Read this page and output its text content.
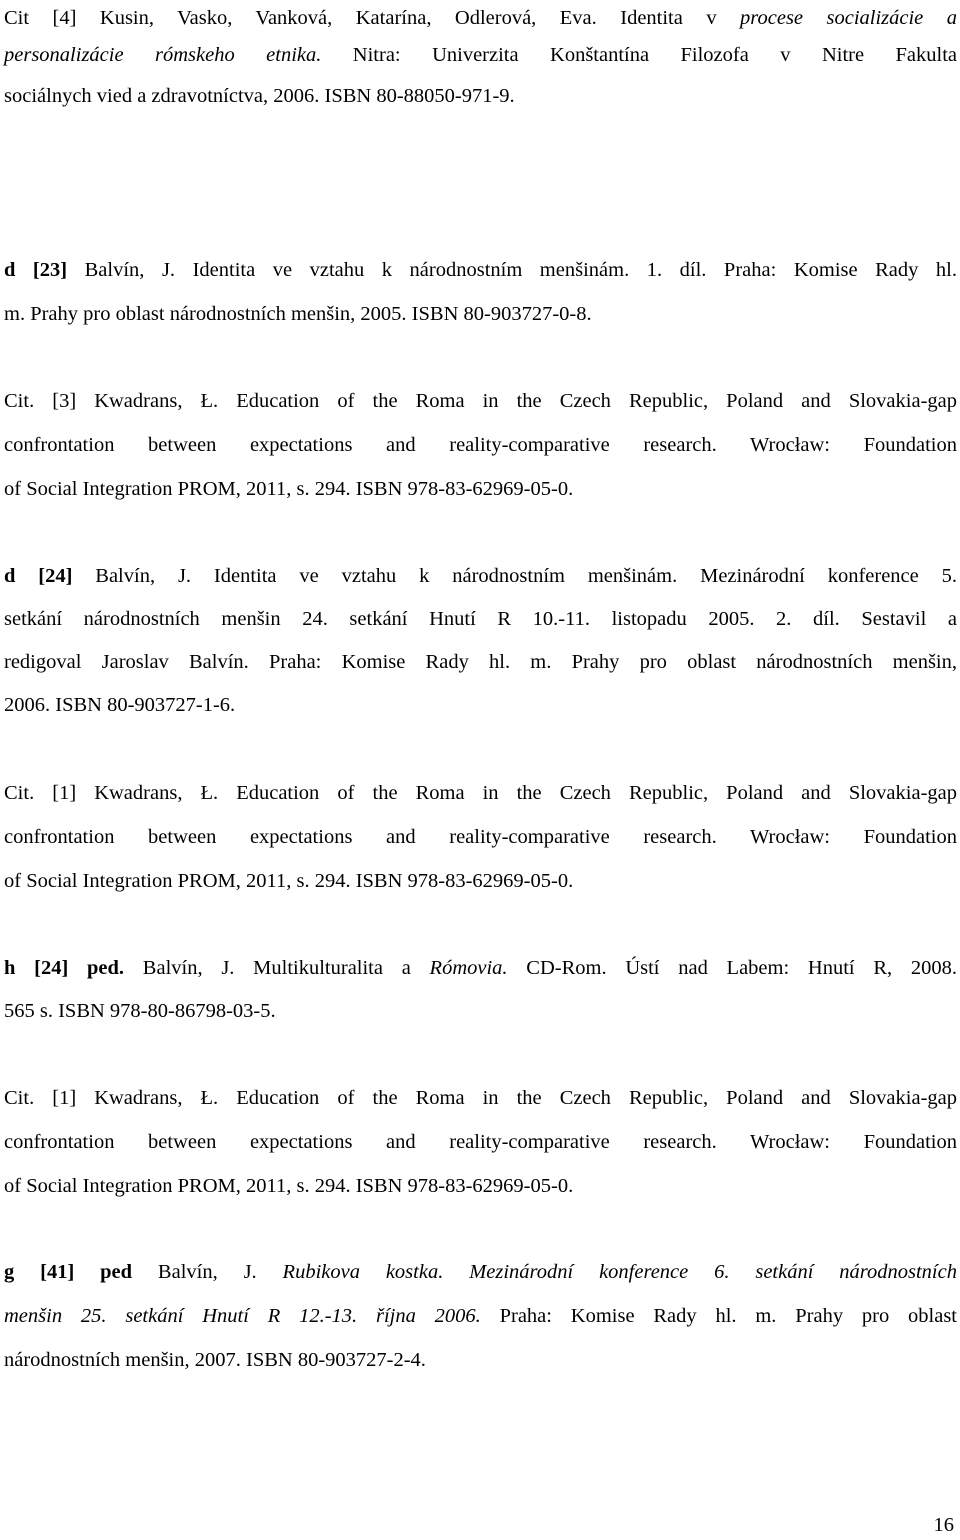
Cit [4] Kusin, Vasko, Vanková, Katarína, Odlerová, Eva. Identita v procese socializácie a
personalizácie rómskeho etnika. Nitra: Univerzita Konštantína Filozofa v Nitre Fakulta
sociálnych vied a zdravotníctva, 2006. ISBN 80-88050-971-9.
d [23] Balvín, J. Identita ve vztahu k národnostním menšinám. 1. díl. Praha: Komise Rady hl.
m. Prahy pro oblast národnostních menšin, 2005. ISBN 80-903727-0-8.
Cit. [3] Kwadrans, Ł. Education of the Roma in the Czech Republic, Poland and Slovakia-gap
confrontation between expectations and reality-comparative research. Wrocław: Foundation
of Social Integration PROM, 2011, s. 294. ISBN 978-83-62969-05-0.
d [24] Balvín, J. Identita ve vztahu k národnostním menšinám. Mezinárodní konference 5.
setkání národnostních menšin 24. setkání Hnutí R 10.-11. listopadu 2005. 2. díl. Sestavil a
redigoval Jaroslav Balvín. Praha: Komise Rady hl. m. Prahy pro oblast národnostních menšin,
2006. ISBN 80-903727-1-6.
Cit. [1] Kwadrans, Ł. Education of the Roma in the Czech Republic, Poland and Slovakia-gap
confrontation between expectations and reality-comparative research. Wrocław: Foundation
of Social Integration PROM, 2011, s. 294. ISBN 978-83-62969-05-0.
h [24] ped. Balvín, J. Multikulturalita a Rómovia. CD-Rom. Ústí nad Labem: Hnutí R, 2008.
565 s. ISBN 978-80-86798-03-5.
Cit. [1] Kwadrans, Ł. Education of the Roma in the Czech Republic, Poland and Slovakia-gap
confrontation between expectations and reality-comparative research. Wrocław: Foundation
of Social Integration PROM, 2011, s. 294. ISBN 978-83-62969-05-0.
g [41] ped Balvín, J. Rubikova kostka. Mezinárodní konference 6. setkání národnostních
menšin 25. setkání Hnutí R 12.-13. října 2006. Praha: Komise Rady hl. m. Prahy pro oblast
národnostních menšin, 2007. ISBN 80-903727-2-4.
16
